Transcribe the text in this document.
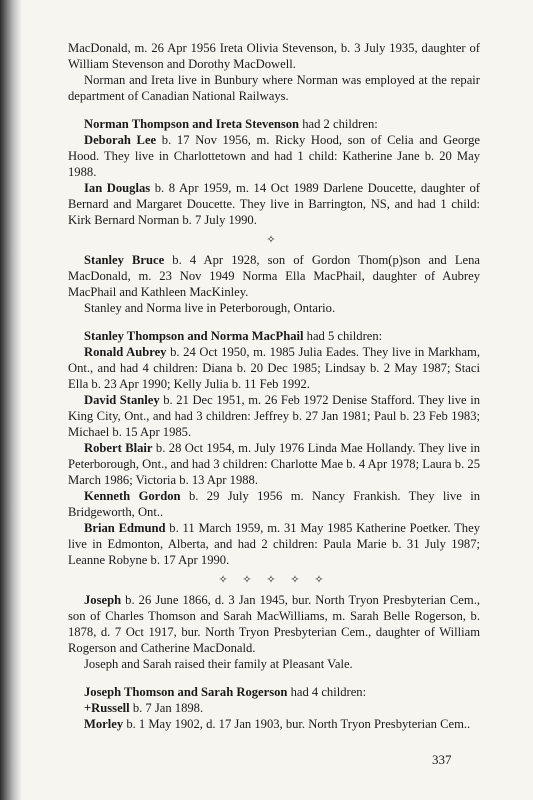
MacDonald, m. 26 Apr 1956 Ireta Olivia Stevenson, b. 3 July 1935, daughter of William Stevenson and Dorothy MacDowell.

Norman and Ireta live in Bunbury where Norman was employed at the repair department of Canadian National Railways.

Norman Thompson and Ireta Stevenson had 2 children:

Deborah Lee b. 17 Nov 1956, m. Ricky Hood, son of Celia and George Hood. They live in Charlottetown and had 1 child: Katherine Jane b. 20 May 1988.

Ian Douglas b. 8 Apr 1959, m. 14 Oct 1989 Darlene Doucette, daughter of Bernard and Margaret Doucette. They live in Barrington, NS, and had 1 child: Kirk Bernard Norman b. 7 July 1990.

✧

Stanley Bruce b. 4 Apr 1928, son of Gordon Thom(p)son and Lena MacDonald, m. 23 Nov 1949 Norma Ella MacPhail, daughter of Aubrey MacPhail and Kathleen MacKinley.

Stanley and Norma live in Peterborough, Ontario.

Stanley Thompson and Norma MacPhail had 5 children:

Ronald Aubrey b. 24 Oct 1950, m. 1985 Julia Eades. They live in Markham, Ont., and had 4 children: Diana b. 20 Dec 1985; Lindsay b. 2 May 1987; Staci Ella b. 23 Apr 1990; Kelly Julia b. 11 Feb 1992.

David Stanley b. 21 Dec 1951, m. 26 Feb 1972 Denise Stafford. They live in King City, Ont., and had 3 children: Jeffrey b. 27 Jan 1981; Paul b. 23 Feb 1983; Michael b. 15 Apr 1985.

Robert Blair b. 28 Oct 1954, m. July 1976 Linda Mae Hollandy. They live in Peterborough, Ont., and had 3 children: Charlotte Mae b. 4 Apr 1978; Laura b. 25 March 1986; Victoria b. 13 Apr 1988.

Kenneth Gordon b. 29 July 1956 m. Nancy Frankish. They live in Bridgeworth, Ont..

Brian Edmund b. 11 March 1959, m. 31 May 1985 Katherine Poetker. They live in Edmonton, Alberta, and had 2 children: Paula Marie b. 31 July 1987; Leanne Robyne b. 17 Apr 1990.

✧ ✧ ✧ ✧ ✧

Joseph b. 26 June 1866, d. 3 Jan 1945, bur. North Tryon Presbyterian Cem., son of Charles Thomson and Sarah MacWilliams, m. Sarah Belle Rogerson, b. 1878, d. 7 Oct 1917, bur. North Tryon Presbyterian Cem., daughter of William Rogerson and Catherine MacDonald.

Joseph and Sarah raised their family at Pleasant Vale.

Joseph Thomson and Sarah Rogerson had 4 children:

+Russell b. 7 Jan 1898.

Morley b. 1 May 1902, d. 17 Jan 1903, bur. North Tryon Presbyterian Cem..

337
